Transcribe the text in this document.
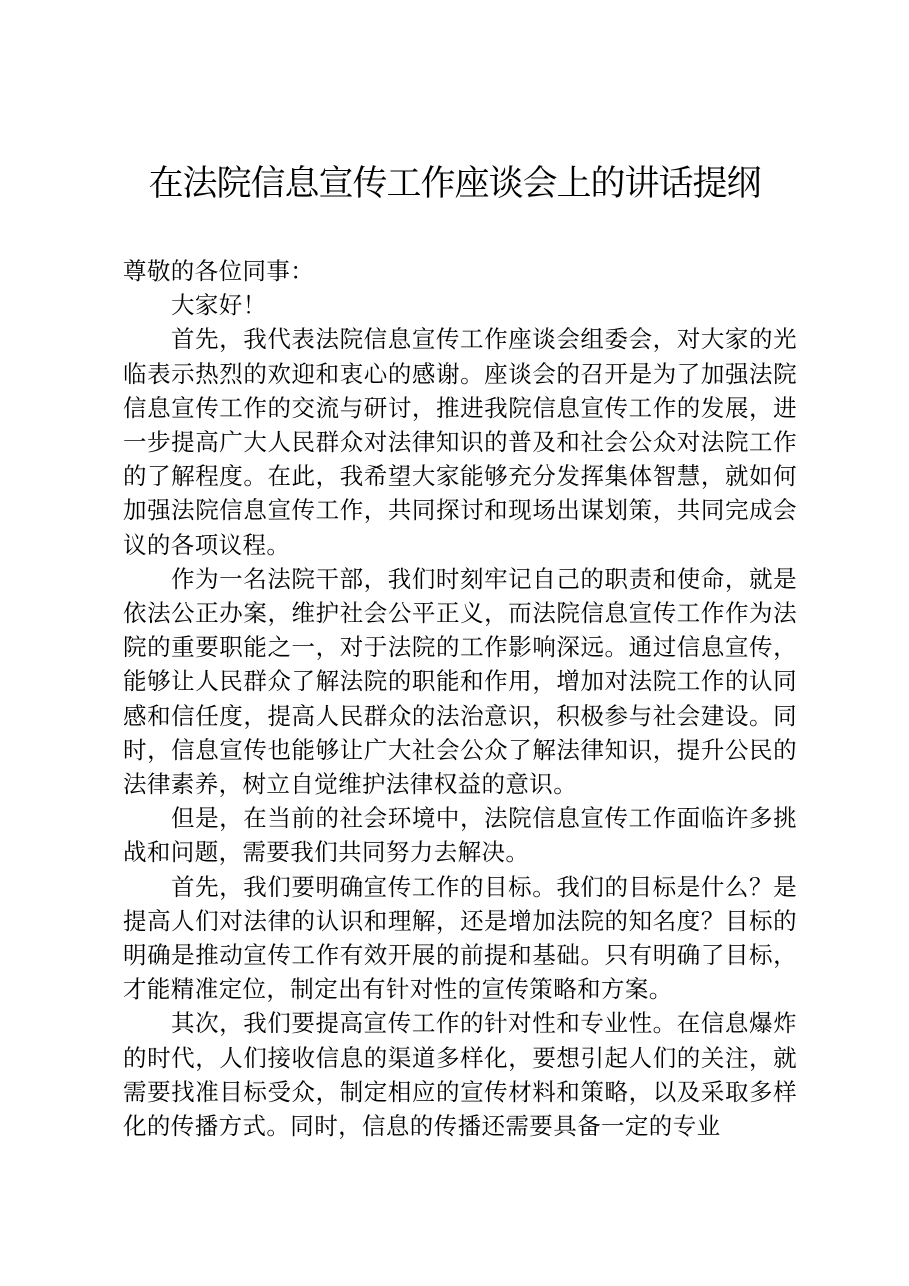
在法院信息宣传工作座谈会上的讲话提纲

尊敬的各位同事：

大家好！

首先，我代表法院信息宣传工作座谈会组委会，对大家的光临表示热烈的欢迎和衷心的感谢。座谈会的召开是为了加强法院信息宣传工作的交流与研讨，推进我院信息宣传工作的发展，进一步提高广大人民群众对法律知识的普及和社会公众对法院工作的了解程度。在此，我希望大家能够充分发挥集体智慧，就如何加强法院信息宣传工作，共同探讨和现场出谋划策，共同完成会议的各项议程。

作为一名法院干部，我们时刻牢记自己的职责和使命，就是依法公正办案，维护社会公平正义，而法院信息宣传工作作为法院的重要职能之一，对于法院的工作影响深远。通过信息宣传，能够让人民群众了解法院的职能和作用，增加对法院工作的认同感和信任度，提高人民群众的法治意识，积极参与社会建设。同时，信息宣传也能够让广大社会公众了解法律知识，提升公民的法律素养，树立自觉维护法律权益的意识。

但是，在当前的社会环境中，法院信息宣传工作面临许多挑战和问题，需要我们共同努力去解决。

首先，我们要明确宣传工作的目标。我们的目标是什么？是提高人们对法律的认识和理解，还是增加法院的知名度？目标的明确是推动宣传工作有效开展的前提和基础。只有明确了目标，才能精准定位，制定出有针对性的宣传策略和方案。

其次，我们要提高宣传工作的针对性和专业性。在信息爆炸的时代，人们接收信息的渠道多样化，要想引起人们的关注，就需要找准目标受众，制定相应的宣传材料和策略，以及采取多样化的传播方式。同时，信息的传播还需要具备一定的专业
